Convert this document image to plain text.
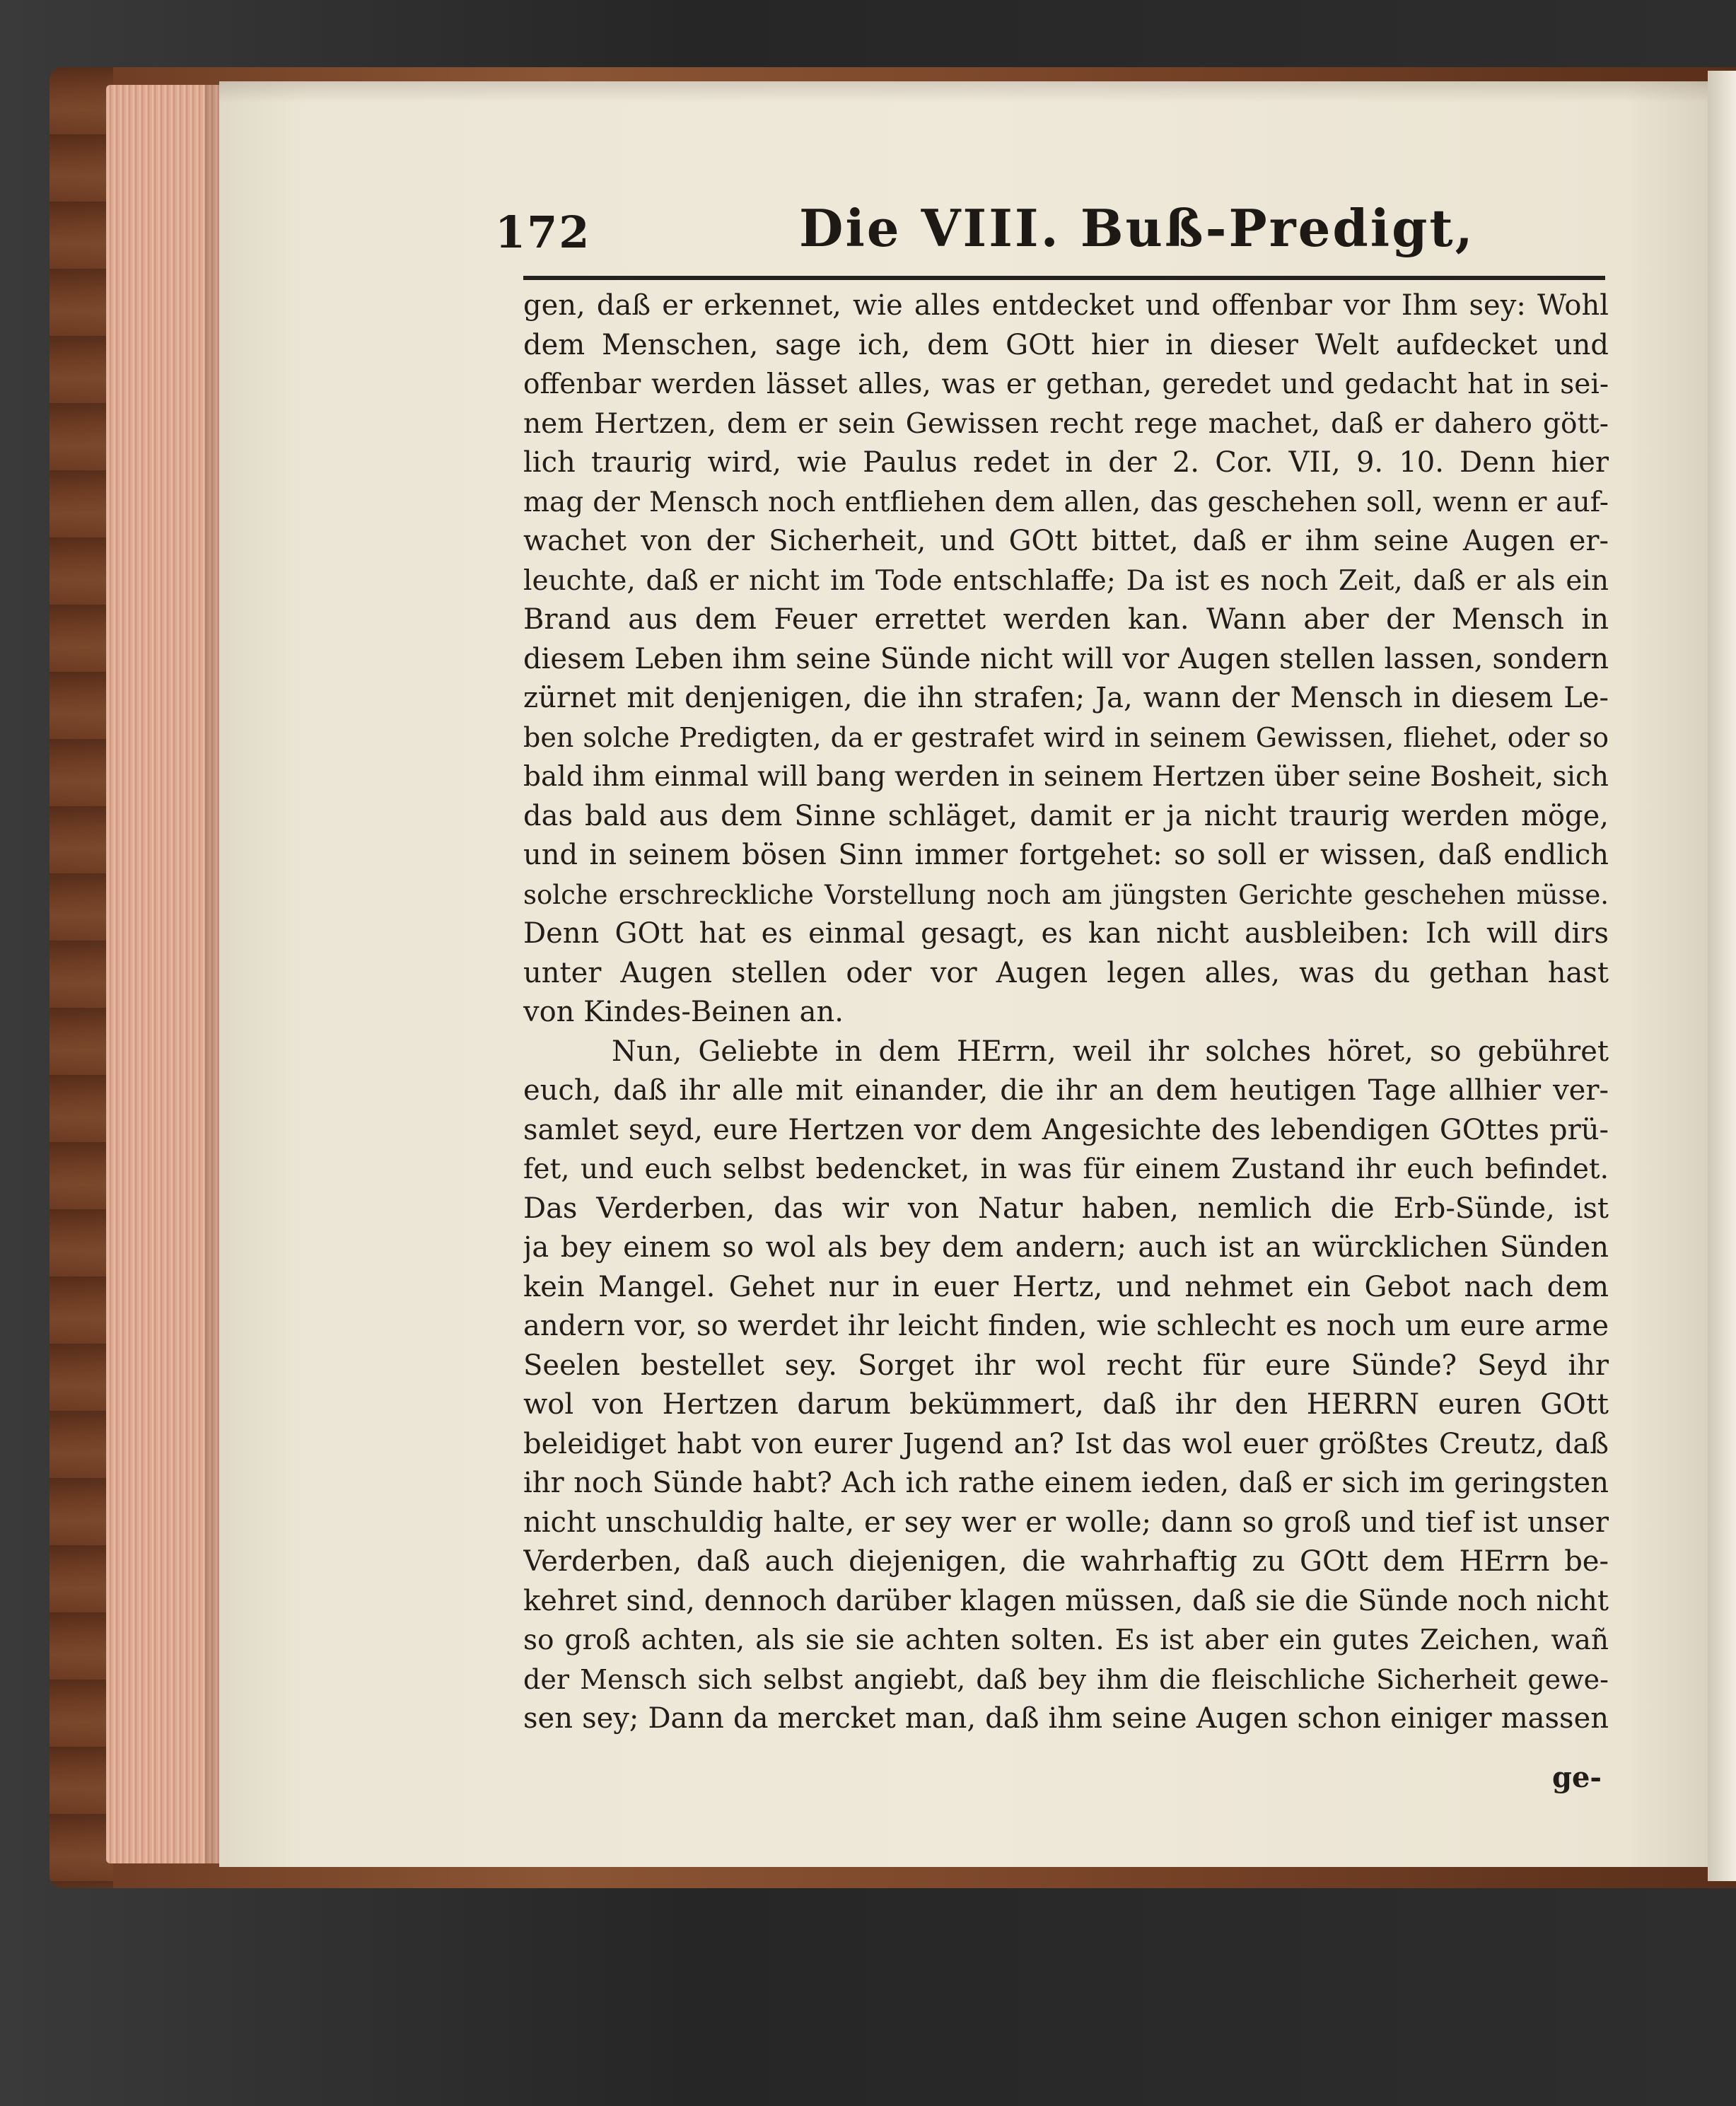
172	Die VIII. Buß-Predigt,
gen, daß er erkennet, wie alles entdecket und offenbar vor Ihm sey: Wohl
dem Menschen, sage ich, dem GOtt hier in dieser Welt aufdecket und
offenbar werden lässet alles, was er gethan, geredet und gedacht hat in sei-
nem Hertzen, dem er sein Gewissen recht rege machet, daß er dahero gött-
lich traurig wird, wie Paulus redet in der 2. Cor. VII, 9. 10. Denn hier
mag der Mensch noch entfliehen dem allen, das geschehen soll, wenn er auf-
wachet von der Sicherheit, und GOtt bittet, daß er ihm seine Augen er-
leuchte, daß er nicht im Tode entschlaffe; Da ist es noch Zeit, daß er als ein
Brand aus dem Feuer errettet werden kan. Wann aber der Mensch in
diesem Leben ihm seine Sünde nicht will vor Augen stellen lassen, sondern
zürnet mit denjenigen, die ihn strafen; Ja, wann der Mensch in diesem Le-
ben solche Predigten, da er gestrafet wird in seinem Gewissen, fliehet, oder so
bald ihm einmal will bang werden in seinem Hertzen über seine Bosheit, sich
das bald aus dem Sinne schläget, damit er ja nicht traurig werden möge,
und in seinem bösen Sinn immer fortgehet: so soll er wissen, daß endlich
solche erschreckliche Vorstellung noch am jüngsten Gerichte geschehen müsse.
Denn GOtt hat es einmal gesagt, es kan nicht ausbleiben: Ich will dirs
unter Augen stellen oder vor Augen legen alles, was du gethan hast
von Kindes-Beinen an.
Nun, Geliebte in dem HErrn, weil ihr solches höret, so gebühret
euch, daß ihr alle mit einander, die ihr an dem heutigen Tage allhier ver-
samlet seyd, eure Hertzen vor dem Angesichte des lebendigen GOttes prü-
fet, und euch selbst bedencket, in was für einem Zustand ihr euch befindet.
Das Verderben, das wir von Natur haben, nemlich die Erb-Sünde, ist
ja bey einem so wol als bey dem andern; auch ist an würcklichen Sünden
kein Mangel. Gehet nur in euer Hertz, und nehmet ein Gebot nach dem
andern vor, so werdet ihr leicht finden, wie schlecht es noch um eure arme
Seelen bestellet sey. Sorget ihr wol recht für eure Sünde? Seyd ihr
wol von Hertzen darum bekümmert, daß ihr den HERRN euren GOtt
beleidiget habt von eurer Jugend an? Ist das wol euer größtes Creutz, daß
ihr noch Sünde habt? Ach ich rathe einem ieden, daß er sich im geringsten
nicht unschuldig halte, er sey wer er wolle; dann so groß und tief ist unser
Verderben, daß auch diejenigen, die wahrhaftig zu GOtt dem HErrn be-
kehret sind, dennoch darüber klagen müssen, daß sie die Sünde noch nicht
so groß achten, als sie sie achten solten. Es ist aber ein gutes Zeichen, wañ
der Mensch sich selbst angiebt, daß bey ihm die fleischliche Sicherheit gewe-
sen sey; Dann da mercket man, daß ihm seine Augen schon einiger massen
ge-
